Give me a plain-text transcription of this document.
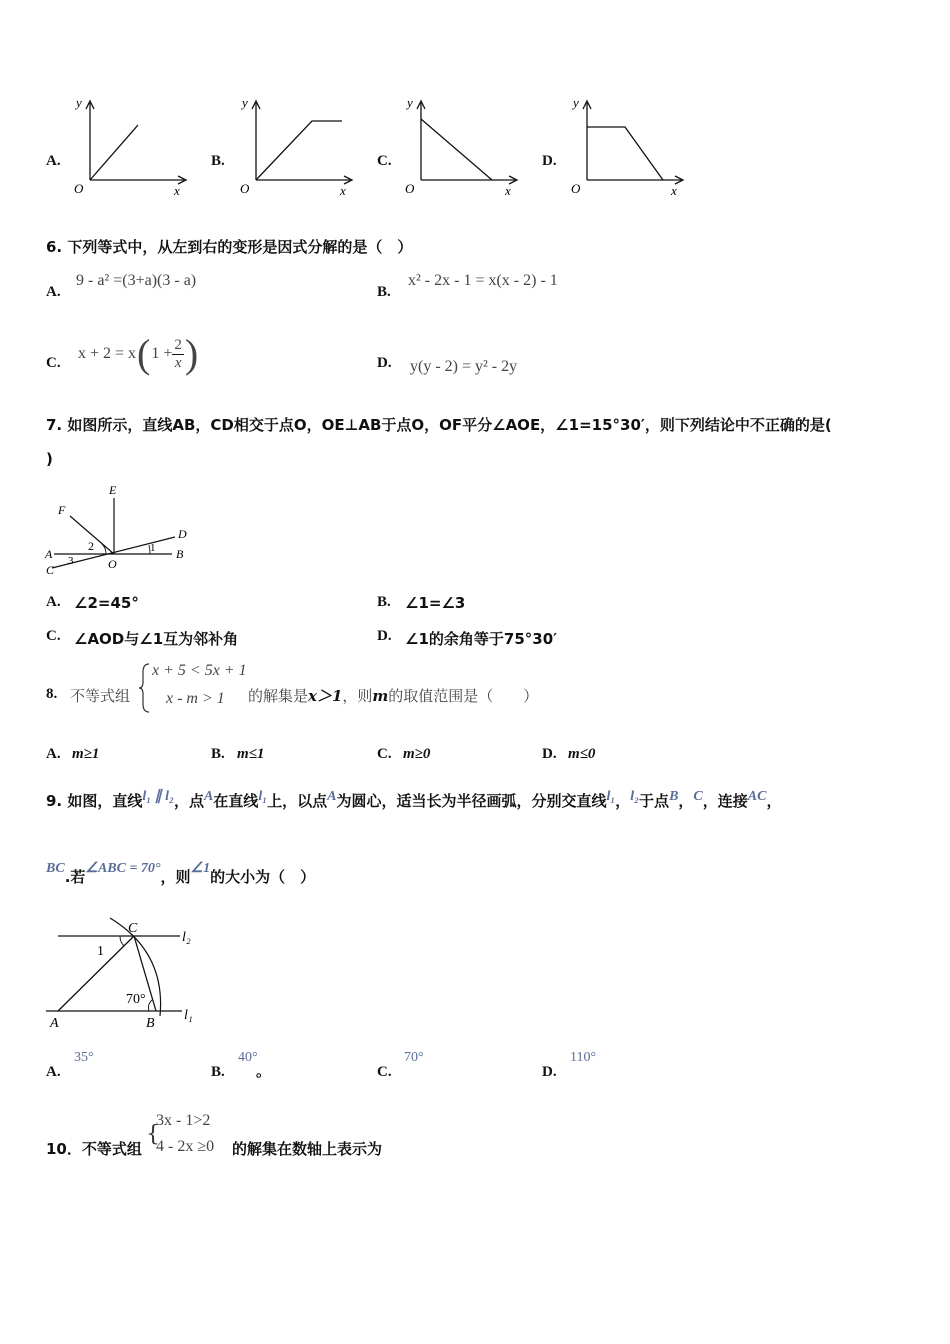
A.
y
O	x
B.
y
O	x
C.
y
O	x
D.
y
O	x
6. 下列等式中，从左到右的变形是因式分解的是（　）
A.
9 - a² =(3+a)(3 - a)
B.
x² - 2x - 1 = x(x - 2) - 1
C.
x + 2 = x ( $1 + \frac{2}{x}$ )	D. y(y - 2) = y² - 2y
7. 如图所示，直线AB，CD相交于点O，OE⊥AB于点O，OF平分∠AOE，∠1=15°30′，则下列结论中不正确的是(
)
E
F
D
A	B
C	O
1
2
3
A. ∠2=45°	B. ∠1=∠3
C. ∠AOD与∠1互为邻补角	D. ∠1的余角等于75°30′
8. 不等式组
x + 5 < 5x + 1
x - m > 1 的解集是x＞1，则m的取值范围是（　　）
A. m≥1	B. m≤1	C. m≥0	D. m≤0
9. 如图，直线l₁ ∥ l₂，点A在直线l₁上，以点A为圆心，适当长为半径画弧，分别交直线l₁，l₂于点B，C，连接AC，
BC.若∠ABC = 70°，则∠1的大小为（　）
C
l₂
1
70°
A	B
l₁
A.
35°
B.
40°
。	C.
70°
D.
110°
10．不等式组
{
3x - 1>2
4 - 2x ≥0 的解集在数轴上表示为
